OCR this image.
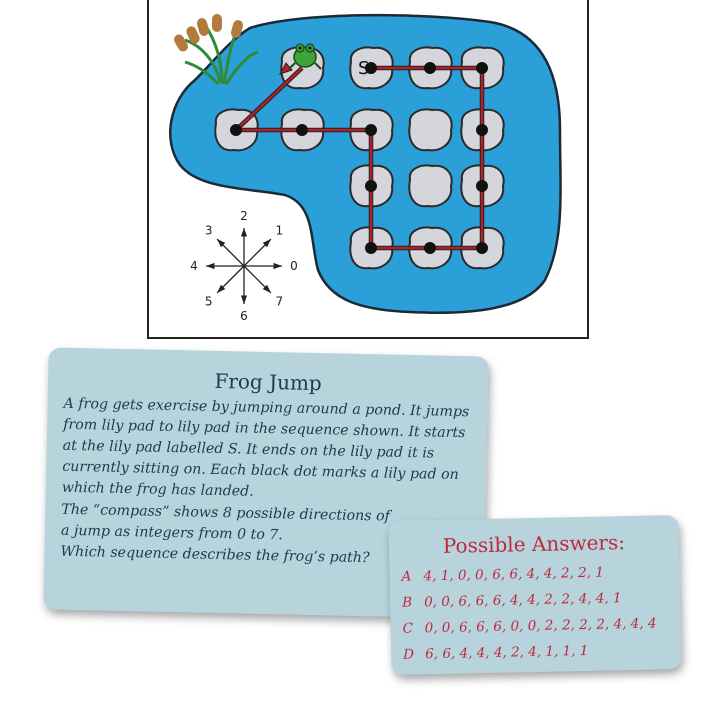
S
0
1
2
3
4
5
6
7
Frog Jump
A frog gets exercise by jumping around a pond. It jumps
from lily pad to lily pad in the sequence shown. It starts
at the lily pad labelled S. It ends on the lily pad it is
currently sitting on. Each black dot marks a lily pad on
which the frog has landed.
The “compass” shows 8 possible directions of
a jump as integers from 0 to 7.
Which sequence describes the frog’s path?	Possible Answers:
A 4, 1, 0, 0, 6, 6, 4, 4, 2, 2, 1
B 0, 0, 6, 6, 6, 4, 4, 2, 2, 4, 4, 1
C 0, 0, 6, 6, 6, 0, 0, 2, 2, 2, 2, 4, 4, 4
D 6, 6, 4, 4, 4, 2, 4, 1, 1, 1
